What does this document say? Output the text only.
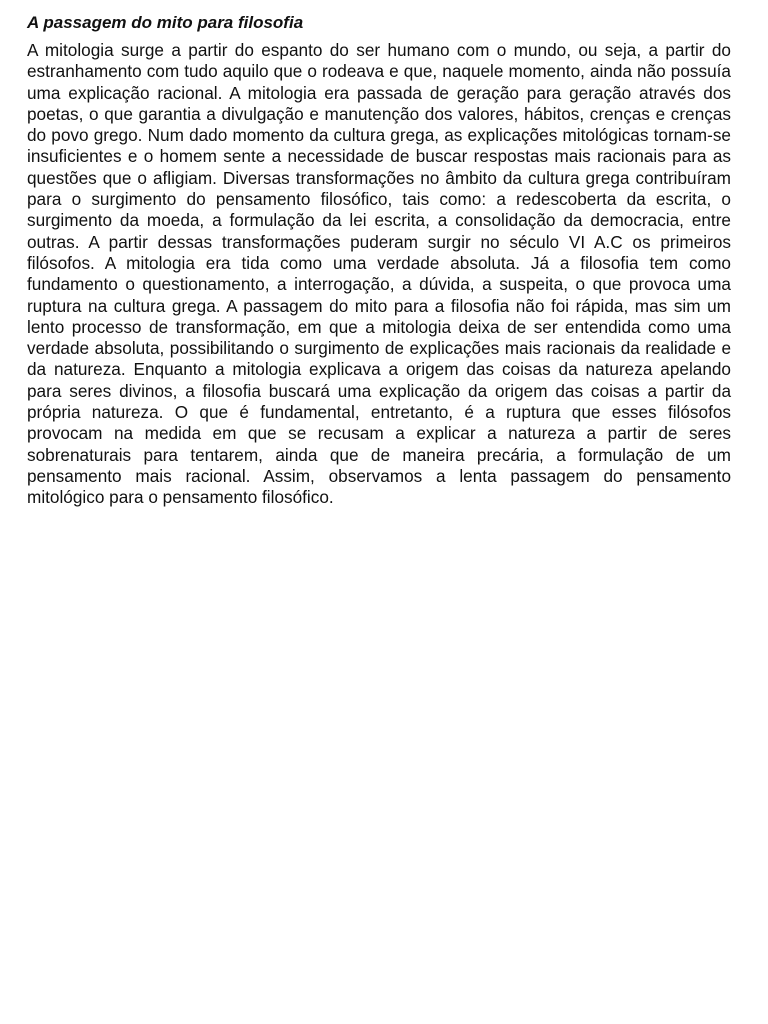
A passagem do mito para filosofia

A mitologia surge a partir do espanto do ser humano com o mundo, ou seja, a partir do estranhamento com tudo aquilo que o rodeava e que, naquele momento, ainda não possuía uma explicação racional. A mitologia era passada de geração para geração através dos poetas, o que garantia a divulgação e manutenção dos valores, hábitos, crenças e crenças do povo grego. Num dado momento da cultura grega, as explicações mitológicas tornam-se insuficientes e o homem sente a necessidade de buscar respostas mais racionais para as questões que o afligiam. Diversas transformações no âmbito da cultura grega contribuíram para o surgimento do pensamento filosófico, tais como: a redescoberta da escrita, o surgimento da moeda, a formulação da lei escrita, a consolidação da democracia, entre outras. A partir dessas transformações puderam surgir no século VI A.C os primeiros filósofos. A mitologia era tida como uma verdade absoluta. Já a filosofia tem como fundamento o questionamento, a interrogação, a dúvida, a suspeita, o que provoca uma ruptura na cultura grega. A passagem do mito para a filosofia não foi rápida, mas sim um lento processo de transformação, em que a mitologia deixa de ser entendida como uma verdade absoluta, possibilitando o surgimento de explicações mais racionais da realidade e da natureza. Enquanto a mitologia explicava a origem das coisas da natureza apelando para seres divinos, a filosofia buscará uma explicação da origem das coisas a partir da própria natureza. O que é fundamental, entretanto, é a ruptura que esses filósofos provocam na medida em que se recusam a explicar a natureza a partir de seres sobrenaturais para tentarem, ainda que de maneira precária, a formulação de um pensamento mais racional. Assim, observamos a lenta passagem do pensamento mitológico para o pensamento filosófico.
